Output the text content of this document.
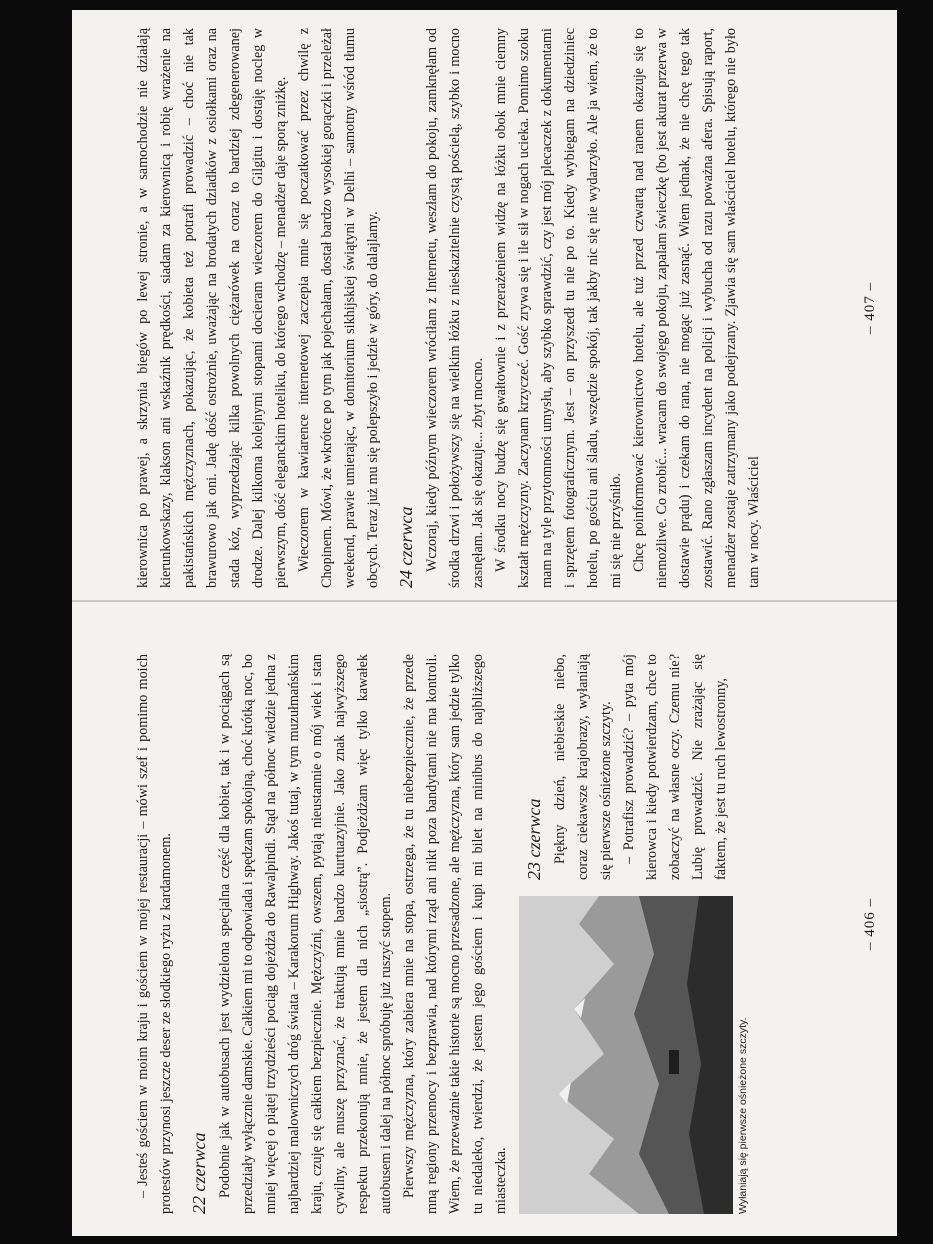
– Jesteś gościem w moim kraju i gościem w mojej restauracji – mówi szef i pomimo moich protestów przynosi jeszcze deser ze słodkiego ryżu z kardamonem. 22 czerwca Podobnie jak w autobusach jest wydzielona specjalna część dla kobiet, tak i w pociągach są przedziały wyłącznie damskie. Całkiem mi to odpowiada i spędzam spokojną, choć krótką noc, bo mniej więcej o piątej trzydzieści pociąg dojeżdża do Rawalpindi. Stąd na północ wiedzie jedna z najbardziej malowniczych dróg świata – Karakorum Highway. Jakoś tutaj, w tym muzułmańskim kraju, czuję się całkiem bezpiecznie. Mężczyźni, owszem, pytają nieustannie o mój wiek i stan cywilny, ale muszę przyznać, że traktują mnie bardzo kurtuazyjnie. Jako znak najwyższego respektu przekonują mnie, że jestem dla nich „siostrą”. Podjeżdżam więc tylko kawałek autobusem i dalej na północ spróbuję już ruszyć stopem. Pierwszy mężczyzna, który zabiera mnie na stopa, ostrzega, że tu niebezpiecznie, że przede mną regiony przemocy i bezprawia, nad którymi rząd ani nikt poza bandytami nie ma kontroli. Wiem, że przeważnie takie historie są mocno przesadzone, ale mężczyzna, który sam jedzie tylko tu niedaleko, twierdzi, że jestem jego gościem i kupi mi bilet na minibus do najbliższego miasteczka.	Wyłaniają się pierwsze ośnieżone szczyty.
23 czerwca Piękny dzień, niebieskie niebo, coraz ciekawsze krajobrazy, wyłaniają się pierwsze ośnieżone szczyty. – Potrafisz prowadzić? – pyta mój kierowca i kiedy potwierdzam, chce to zobaczyć na własne oczy. Czemu nie? Lubię prowadzić. Nie zrażając się faktem, że jest tu ruch lewostronny,

– 406 –

kierownica po prawej, a skrzynia biegów po lewej stronie, a w samochodzie nie działają kierunkowskazy, klakson ani wskaźnik prędkości, siadam za kierownicą i robię wrażenie na pakistańskich mężczyznach, pokazując, że kobieta też potrafi prowadzić – choć nie tak brawurowo jak oni. Jadę dość ostrożnie, uważając na brodatych dziadków z osiołkami oraz na stada kóz, wyprzedzając kilka powolnych ciężarówek na coraz to bardziej zdegenerowanej drodze. Dalej kilkoma kolejnymi stopami docieram wieczorem do Gilgitu i dostaję nocleg w pierwszym, dość eleganckim hoteliku, do którego wchodzę – menadżer daje sporą zniżkę. Wieczorem w kawiarence internetowej zaczepia mnie się poczatkować przez chwilę z Chopinem. Mówi, że wkrótce po tym jak pojechałam, dostał bardzo wysokiej gorączki i przeleżał weekend, prawie umierając, w domitorium sikhijskiej świątyni w Delhi – samotny wśród tłumu obcych. Teraz już mu się polepszyło i jedzie w góry, do dalajlamy. 24 czerwca Wczoraj, kiedy późnym wieczorem wróciłam z Internetu, weszłam do pokoju, zamknęłam od środka drzwi i położywszy się na wielkim łóżku z nieskazitelnie czystą pościelą, szybko i mocno zasnęłam. Jak się okazuje... zbyt mocno. W środku nocy budzę się gwałtownie i z przerażeniem widzę na łóżku obok mnie ciemny kształt mężczyzny. Zaczynam krzyczeć. Gość zrywa się i ile sił w nogach ucieka. Pomimo szoku mam na tyle przytomności umysłu, aby szybko sprawdzić, czy jest mój plecaczek z dokumentami i sprzętem fotograficznym. Jest – on przyszedł tu nie po to. Kiedy wybiegam na dziedziniec hotelu, po gościu ani śladu, wszędzie spokój, tak jakby nic się nie wydarzyło. Ale ja wiem, że to mi się nie przyśniło. Chcę poinformować kierownictwo hotelu, ale tuż przed czwartą nad ranem okazuje się to niemożliwe. Co zrobić... wracam do swojego pokoju, zapalam świeczkę (bo jest akurat przerwa w dostawie prądu) i czekam do rana, nie mogąc już zasnąć. Wiem jednak, że nie chcę tego tak zostawić. Rano zgłaszam incydent na policji i wybucha od razu poważna afera. Spisują raport, menadżer zostaje zatrzymany jako podejrzany. Zjawia się sam właściciel hotelu, którego nie było tam w nocy. Właściciel

– 407 –
